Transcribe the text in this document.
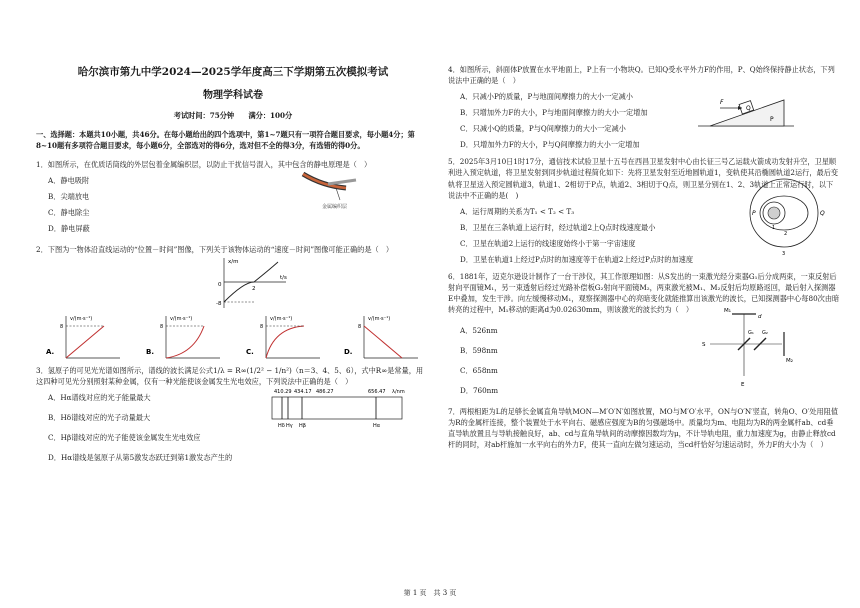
哈尔滨市第九中学2024—2025学年度高三下学期第五次模拟考试
物理学科试卷
考试时间：75分钟　　满分：100分

一、选择题：本题共10小题，共46分。在每小题给出的四个选项中，第1~7题只有一项符合题目要求，每小题4分；第8~10题有多项符合题目要求，每小题6分，全部选对的得6分，选对但不全的得3分，有选错的得0分。

1．如图所示，在优质话筒线的外层包着金属编织层，以防止干扰信号混入，其中包含的静电原理是（　）

A．静电吸附
B．尖端放电
C．静电除尘
D．静电屏蔽
金属编织层

2．下图为一物体沿直线运动的“位置－时间”图像，下列关于该物体运动的“速度－时间”图像可能正确的是（　）

-8
0
2
x/m
t/s
A.
8
v/(m·s⁻¹)
B.
8
v/(m·s⁻¹)
C.
8
v/(m·s⁻¹)
D.
8
v/(m·s⁻¹)

3．氢原子的可见光光谱如图所示，谱线的波长满足公式1/λ = R∞(1/2² − 1/n²)（n＝3、4、5、6），式中R∞是常量，用这四种可见光分别照射某种金属，仅有一种光能使该金属发生光电效应，下列说法中正确的是（　）

A．Hα谱线对应的光子能量最大
B．Hδ谱线对应的光子动量最大
C．Hβ谱线对应的光子能使该金属发生光电效应
D．Hα谱线是氢原子从第5激发态跃迁到第1激发态产生的
410.29 434.17 486.27	656.47 λ/nm
Hδ Hγ Hβ	Hα

4．如图所示，斜面体P放置在水平地面上，P上有一小物块Q。已知Q受水平外力F的作用，P、Q始终保持静止状态，下列说法中正确的是（　）

A．只减小P的质量，P与地面间摩擦力的大小一定减小
B．只增加外力F的大小，P与地面间摩擦力的大小一定增加
C．只减小Q的质量，P与Q间摩擦力的大小一定减小
D．只增加外力F的大小，P与Q间摩擦力的大小一定增加
F
Q
P

5．2025年3月10日1时17分，通信技术试验卫星十五号在西昌卫星发射中心由长征三号乙运载火箭成功发射升空，卫星顺利进入预定轨道，将卫星发射到同步轨道过程简化如下：先将卫星发射至近地圆轨道1，变轨使其沿椭圆轨道2运行，最后变轨将卫星送入预定圆轨道3，轨道1、2相切于P点，轨道2、3相切于Q点，则卫星分别在1、2、3轨道上正常运行时，以下说法中不正确的是(　)

A．运行周期的关系为T₁ < T₂ < T₃
B．卫星在三条轨道上运行时，经过轨道2上Q点时线速度最小
C．卫星在轨道2上运行的线速度始终小于第一宇宙速度
D．卫星在轨道1上经过P点时的加速度等于在轨道2上经过P点时的加速度
P	Q
1
2
3

6．1881年，迈克尔逊设计制作了一台干涉仪，其工作原理如图：从S发出的一束激光经分束器G₁后分成两束，一束反射后射向平面镜M₁，另一束透射后经过光路补偿板G₂射向平面镜M₂，两束激光被M₁、M₂反射后均原路返回，最后射入探测器E中叠加，发生干涉。向左缓慢移动M₁，观察探测器中心的亮暗变化就能推算出该激光的波长，已知探测器中心每80次由暗转亮的过程中，M₁移动的距离d为0.02630mm，则该激光的波长约为（　）

A．526nm
B．598nm
C．658nm
D．760nm
M₁
d
S
G₁ G₂
M₂
E

7．两根相距为L的足够长金属直角导轨MON—M′O′N′如图放置，MO与M′O′水平，ON与O′N′竖直，转角O、O′处用阻值为R的金属杆连接，整个装置处于水平向右、磁感应强度为B的匀强磁场中。质量均为m、电阻均为R的两金属杆ab、cd垂直导轨放置且与导轨接触良好，ab、cd与直角导轨间的动摩擦因数均为μ，不计导轨电阻，重力加速度为g，由静止释放cd杆的同时，对ab杆施加一水平向右的外力F，使其一直向左做匀速运动，当cd杆恰好匀速运动时，外力F的大小为（　）

第 1 页　共 3 页
